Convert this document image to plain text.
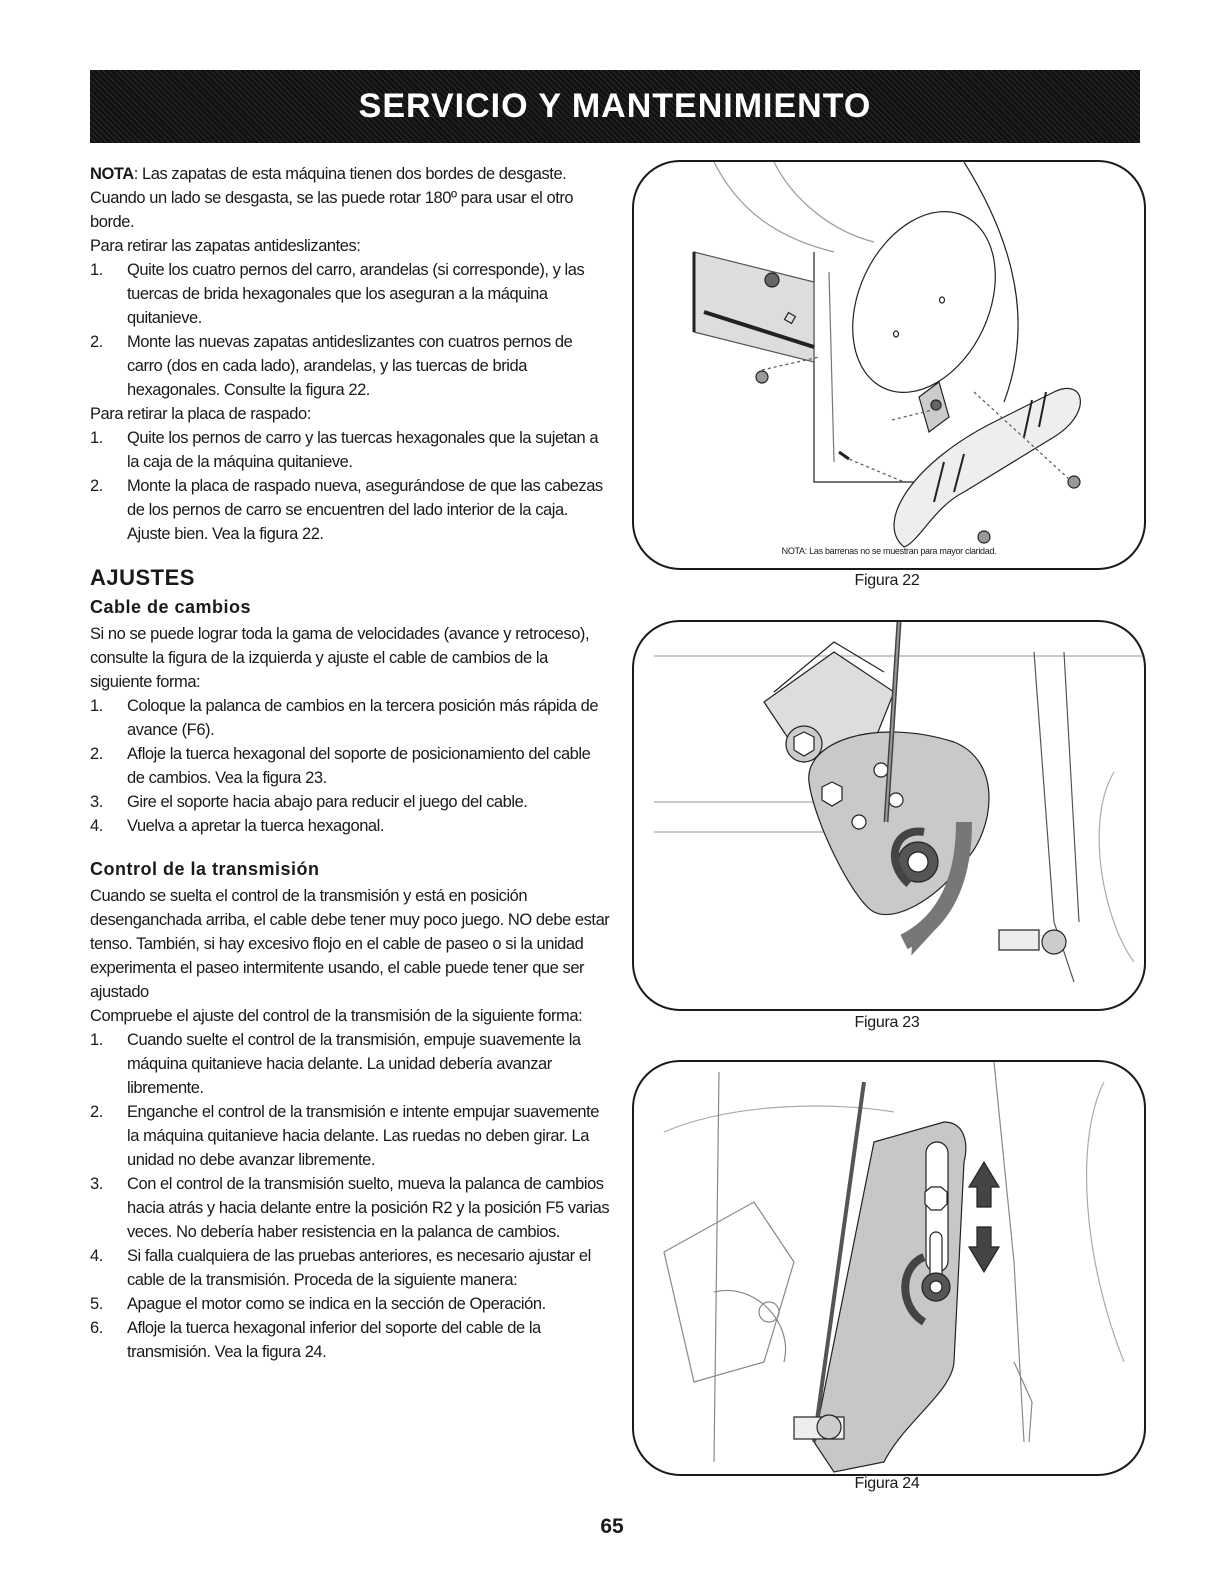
SERVICIO Y MANTENIMIENTO

NOTA: Las zapatas de esta máquina tienen dos bordes de desgaste. Cuando un lado se desgasta, se las puede rotar 180º para usar el otro borde.

Para retirar las zapatas antideslizantes:

1. Quite los cuatro pernos del carro, arandelas (si corresponde), y las tuercas de brida hexagonales que los aseguran a la máquina quitanieve.
2. Monte las nuevas zapatas antideslizantes con cuatros pernos de carro (dos en cada lado), arandelas, y las tuercas de brida hexagonales. Consulte la figura 22.

Para retirar la placa de raspado:

1. Quite los pernos de carro y las tuercas hexagonales que la sujetan a la caja de la máquina quitanieve.
2. Monte la placa de raspado nueva, asegurándose de que las cabezas de los pernos de carro se encuentren del lado interior de la caja. Ajuste bien. Vea la figura 22.
AJUSTES
Cable de cambios

Si no se puede lograr toda la gama de velocidades (avance y retroceso), consulte la figura de la izquierda y ajuste el cable de cambios de la siguiente forma:

1. Coloque la palanca de cambios en la tercera posición más rápida de avance (F6).
2. Afloje la tuerca hexagonal del soporte de posicionamiento del cable de cambios. Vea la figura 23.
3. Gire el soporte hacia abajo para reducir el juego del cable.
4. Vuelva a apretar la tuerca hexagonal.
Control de la transmisión

Cuando se suelta el control de la transmisión y está en posición desenganchada arriba, el cable debe tener muy poco juego. NO debe estar tenso. También, si hay excesivo flojo en el cable de paseo o si la unidad experimenta el paseo intermitente usando, el cable puede tener que ser ajustado

Compruebe el ajuste del control de la transmisión de la siguiente forma:

1. Cuando suelte el control de la transmisión, empuje suavemente la máquina quitanieve hacia delante. La unidad debería avanzar libremente.
2. Enganche el control de la transmisión e intente empujar suavemente la máquina quitanieve hacia delante. Las ruedas no deben girar. La unidad no debe avanzar libremente.
3. Con el control de la transmisión suelto, mueva la palanca de cambios hacia atrás y hacia delante entre la posición R2 y la posición F5 varias veces. No debería haber resistencia en la palanca de cambios.
4. Si falla cualquiera de las pruebas anteriores, es necesario ajustar el cable de la transmisión. Proceda de la siguiente manera:
5. Apague el motor como se indica en la sección de Operación.
6. Afloje la tuerca hexagonal inferior del soporte del cable de la transmisión. Vea la figura 24.
NOTA: Las barrenas no se muestran para mayor claridad.
Figura 22
Figura 23
Figura 24
65
